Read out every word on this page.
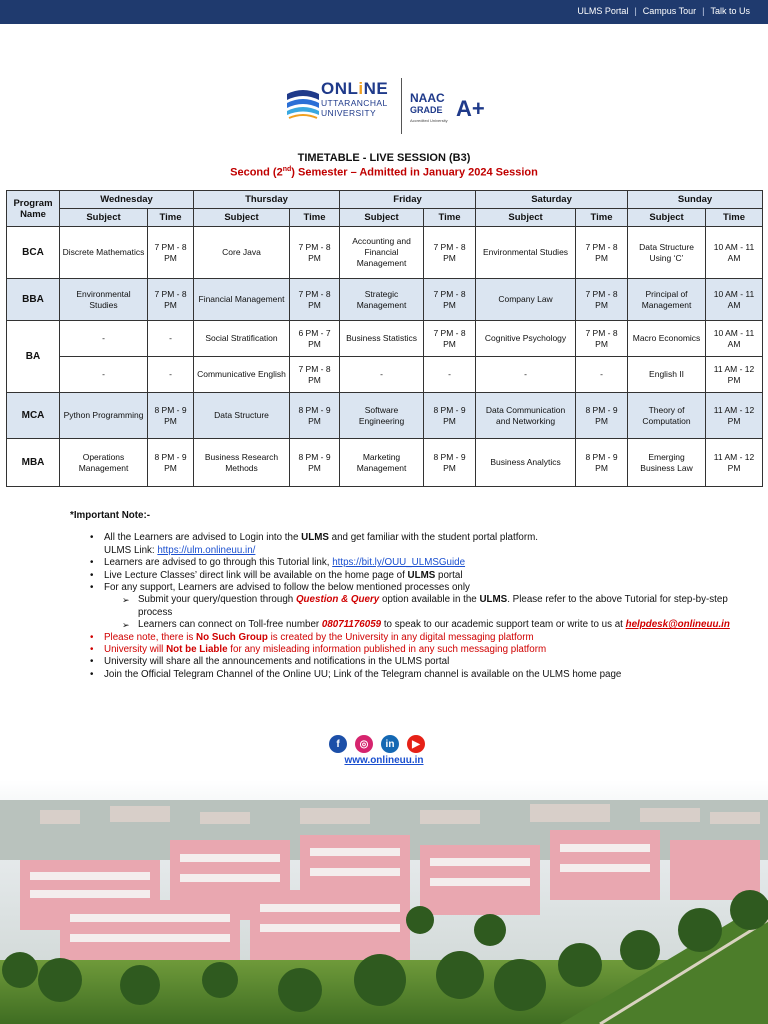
ULMS Portal | Campus Tour | Talk to Us
ONLiNE
UTTARANCHAL
UNIVERSITY
NAAC
GRADE A+
Accredited University
TIMETABLE - LIVE SESSION (B3)
Second (2nd) Semester – Admitted in January 2024 Session
Program Name	Wednesday		Thursday		Friday		Saturday		Sunday	
	Subject	Time	Subject	Time	Subject	Time	Subject	Time	Subject	Time
BCA	Discrete Mathematics	7 PM - 8 PM	Core Java	7 PM - 8 PM	Accounting and Financial Management	7 PM - 8 PM	Environmental Studies	7 PM - 8 PM	Data Structure Using ‘C’	10 AM - 11 AM
BBA	Environmental Studies	7 PM - 8 PM	Financial Management	7 PM - 8 PM	Strategic Management	7 PM - 8 PM	Company Law	7 PM - 8 PM	Principal of Management	10 AM - 11 AM
BA	-	-	Social Stratification	6 PM - 7 PM	Business Statistics	7 PM - 8 PM	Cognitive Psychology	7 PM - 8 PM	Macro Economics	10 AM - 11 AM
	-	-	Communicative English	7 PM - 8 PM	-	-	-	-	English II	11 AM - 12 PM
MCA	Python Programming	8 PM - 9 PM	Data Structure	8 PM - 9 PM	Software Engineering	8 PM - 9 PM	Data Communication and Networking	8 PM - 9 PM	Theory of Computation	11 AM - 12 PM
MBA	Operations Management	8 PM - 9 PM	Business Research Methods	8 PM - 9 PM	Marketing Management	8 PM - 9 PM	Business Analytics	8 PM - 9 PM	Emerging Business Law	11 AM - 12 PM
*Important Note:-
• All the Learners are advised to Login into the ULMS and get familiar with the student portal platform.
ULMS Link: https://ulm.onlineuu.in/
• Learners are advised to go through this Tutorial link, https://bit.ly/OUU_ULMSGuide
• Live Lecture Classes’ direct link will be available on the home page of ULMS portal
• For any support, Learners are advised to follow the below mentioned processes only
➢ Submit your query/question through Question & Query option available in the ULMS. Please refer to the above Tutorial for step-by-step process
➢ Learners can connect on Toll-free number 08071176059 to speak to our academic support team or write to us at helpdesk@onlineuu.in
• Please note, there is No Such Group is created by the University in any digital messaging platform
• University will Not be Liable for any misleading information published in any such messaging platform
• University will share all the announcements and notifications in the ULMS portal
• Join the Official Telegram Channel of the Online UU; Link of the Telegram channel is available on the ULMS home page
f	◎	in	▶
www.onlineuu.in
